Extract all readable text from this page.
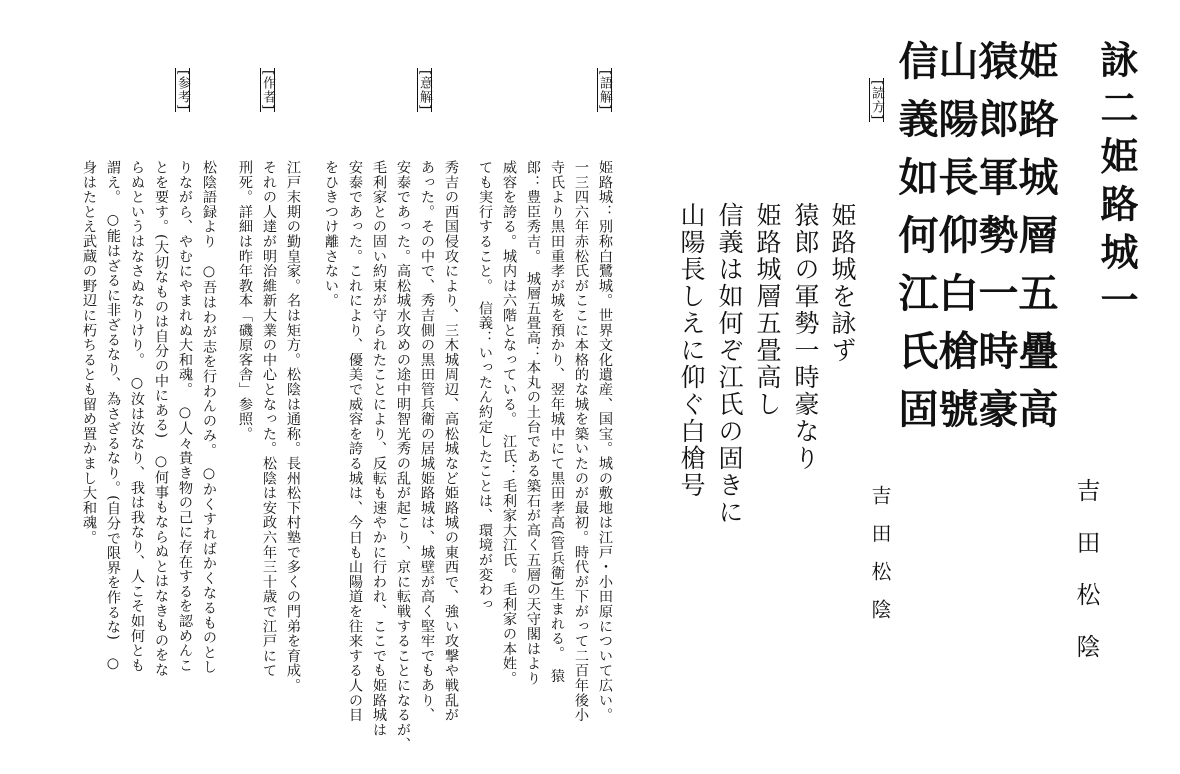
詠二姫路城一
吉田松陰
姫路城層五疊高
山陽長仰白槍號
[読方]
姫路城を詠ず
猿郎の軍勢一時豪なり
姫路城層五畳高し
信義は如何ぞ江氏の固きに
山陽長しえに仰ぐ白槍号
吉田松陰
[語解]
姫路城：別称白鷺城。世界文化遺産、国宝。城の敷地は江戸・小田原について広い。
一三四六年赤松氏がここに本格的な城を築いたのが最初。時代が下がって二百年後小
寺氏より黒田重孝が城を預かり、翌年城中にて黒田孝高(管兵衛)生まれる。　猿
郎：豊臣秀吉。　城層五畳高：本丸の土台である築石が高く五層の天守閣はより
威容を誇る。城内は六階となっている。　江氏：毛利家大江氏。毛利家の本姓。
ても実行すること。　信義：いったん約定したことは、環境が変わっ
[意解]
秀吉の西国侵攻により、三木城周辺、高松城など姫路城の東西で、強い攻撃や戦乱が
あった。その中で、秀吉側の黒田管兵衛の居城姫路城は、城壁が高く堅牢でもあり、
安泰であった。高松城水攻めの途中明智光秀の乱が起こり、京に転戦することになるが、
毛利家との固い約束が守られたことにより、反転も速やかに行われ、ここでも姫路城は
安泰であった。これにより、優美で威容を誇る城は、今日も山陽道を往来する人の目
をひきつけ離さない。
[作者]
江戸末期の勤皇家。名は矩方。松陰は通称。長州松下村塾で多くの門弟を育成。
それの人達が明治維新大業の中心となった。松陰は安政六年三十歳で江戸にて
刑死。詳細は昨年教本「磯原客舎」参照。
[参考]
松陰語録より　○吾はわが志を行わんのみ。　○かくすればかくなるものとし
りながら、やむにやまれぬ大和魂。　○人々貴き物の己に存在するを認めんこ
とを要す。(大切なものは自分の中にある)　○何事もならぬとはなきものをな
らぬというはなさぬなりけり。　○汝は汝なり、我は我なり、人こそ如何とも
謂え。　○能はざるに非ざるなり、為さざるなり。(自分で限界を作るな)　○
身はたとえ武蔵の野辺に朽ちるとも留め置かまし大和魂。	猿郎軍勢一時豪
信義如何江氏固
